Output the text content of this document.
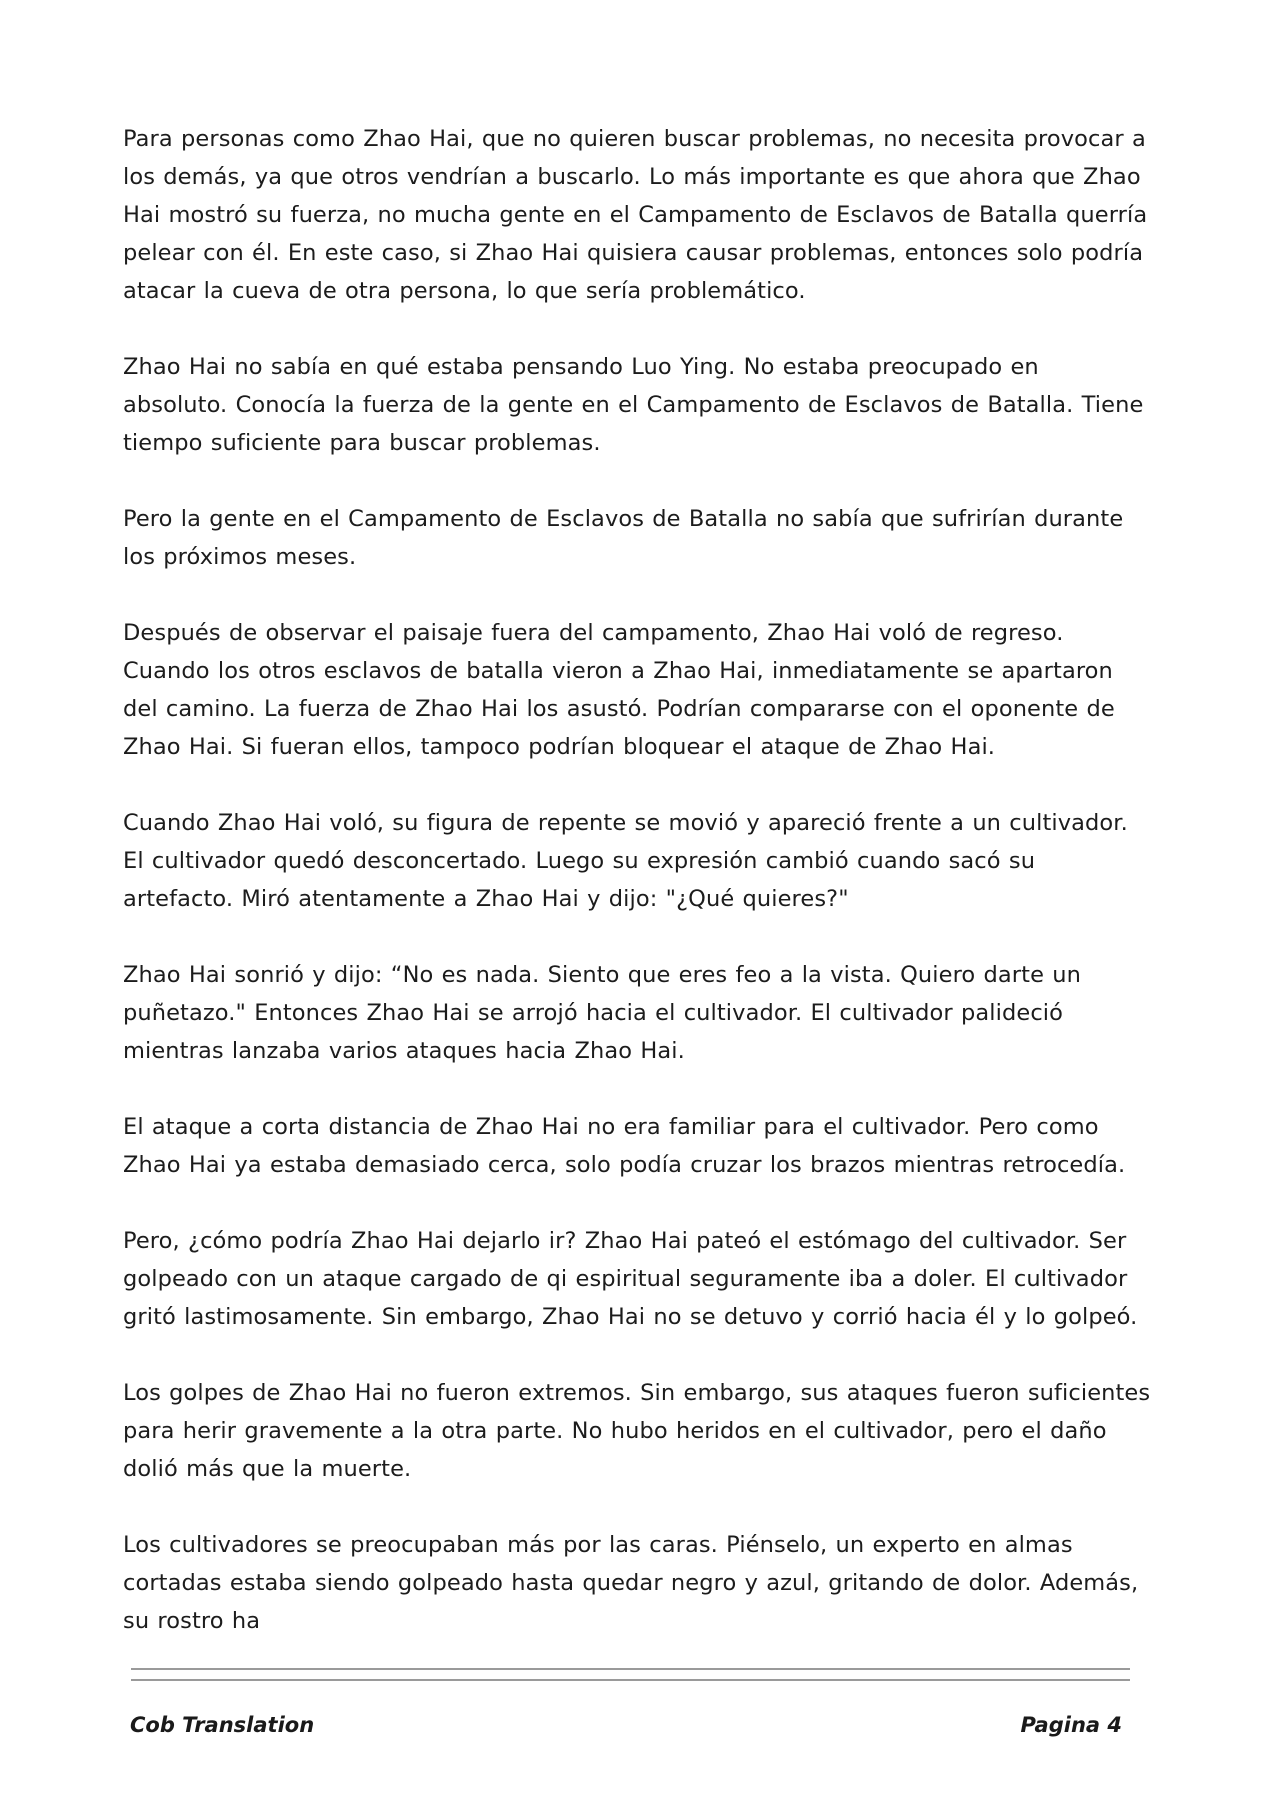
Para personas como Zhao Hai, que no quieren buscar problemas, no necesita provocar a los demás, ya que otros vendrían a buscarlo. Lo más importante es que ahora que Zhao Hai mostró su fuerza, no mucha gente en el Campamento de Esclavos de Batalla querría pelear con él. En este caso, si Zhao Hai quisiera causar problemas, entonces solo podría atacar la cueva de otra persona, lo que sería problemático.

Zhao Hai no sabía en qué estaba pensando Luo Ying. No estaba preocupado en absoluto. Conocía la fuerza de la gente en el Campamento de Esclavos de Batalla. Tiene tiempo suficiente para buscar problemas.

Pero la gente en el Campamento de Esclavos de Batalla no sabía que sufrirían durante los próximos meses.

Después de observar el paisaje fuera del campamento, Zhao Hai voló de regreso. Cuando los otros esclavos de batalla vieron a Zhao Hai, inmediatamente se apartaron del camino. La fuerza de Zhao Hai los asustó. Podrían compararse con el oponente de Zhao Hai. Si fueran ellos, tampoco podrían bloquear el ataque de Zhao Hai.

Cuando Zhao Hai voló, su figura de repente se movió y apareció frente a un cultivador. El cultivador quedó desconcertado. Luego su expresión cambió cuando sacó su artefacto. Miró atentamente a Zhao Hai y dijo: "¿Qué quieres?"

Zhao Hai sonrió y dijo: “No es nada. Siento que eres feo a la vista. Quiero darte un puñetazo." Entonces Zhao Hai se arrojó hacia el cultivador. El cultivador palideció mientras lanzaba varios ataques hacia Zhao Hai.

El ataque a corta distancia de Zhao Hai no era familiar para el cultivador. Pero como Zhao Hai ya estaba demasiado cerca, solo podía cruzar los brazos mientras retrocedía.

Pero, ¿cómo podría Zhao Hai dejarlo ir? Zhao Hai pateó el estómago del cultivador. Ser golpeado con un ataque cargado de qi espiritual seguramente iba a doler. El cultivador gritó lastimosamente. Sin embargo, Zhao Hai no se detuvo y corrió hacia él y lo golpeó.

Los golpes de Zhao Hai no fueron extremos. Sin embargo, sus ataques fueron suficientes para herir gravemente a la otra parte. No hubo heridos en el cultivador, pero el daño dolió más que la muerte.

Los cultivadores se preocupaban más por las caras. Piénselo, un experto en almas cortadas estaba siendo golpeado hasta quedar negro y azul, gritando de dolor. Además, su rostro ha

Cob Translation	Pagina 4
